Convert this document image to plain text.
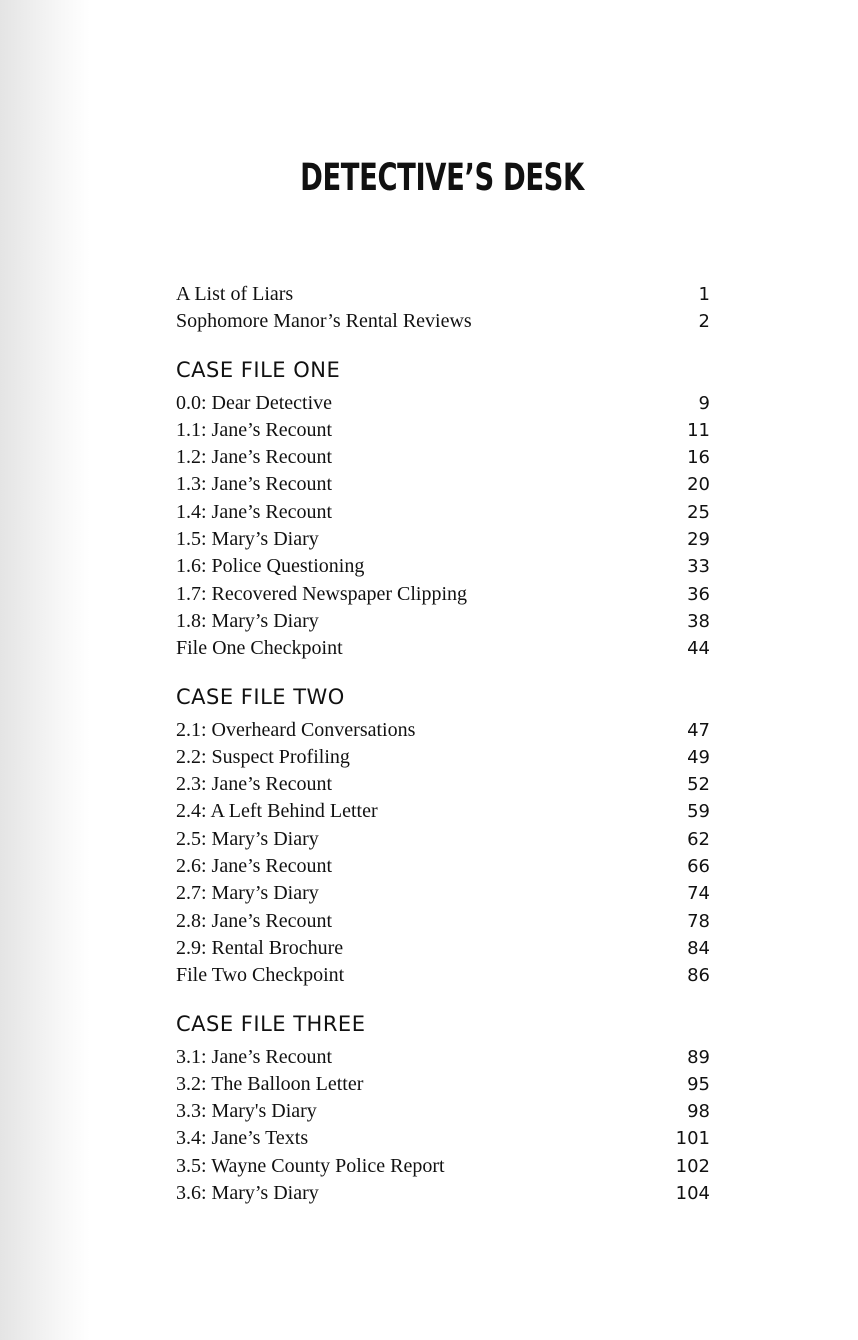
DETECTIVE’S DESK
A List of Liars	1
Sophomore Manor’s Rental Reviews	2
CASE FILE ONE
0.0: Dear Detective	9
1.1: Jane’s Recount	11
1.2: Jane’s Recount	16
1.3: Jane’s Recount	20
1.4: Jane’s Recount	25
1.5: Mary’s Diary	29
1.6: Police Questioning	33
1.7: Recovered Newspaper Clipping	36
1.8: Mary’s Diary	38
File One Checkpoint	44
CASE FILE TWO
2.1: Overheard Conversations	47
2.2: Suspect Profiling	49
2.3: Jane’s Recount	52
2.4: A Left Behind Letter	59
2.5: Mary’s Diary	62
2.6: Jane’s Recount	66
2.7: Mary’s Diary	74
2.8: Jane’s Recount	78
2.9: Rental Brochure	84
File Two Checkpoint	86
CASE FILE THREE
3.1: Jane’s Recount	89
3.2: The Balloon Letter	95
3.3: Mary's Diary	98
3.4: Jane’s Texts	101
3.5: Wayne County Police Report	102
3.6: Mary’s Diary	104
